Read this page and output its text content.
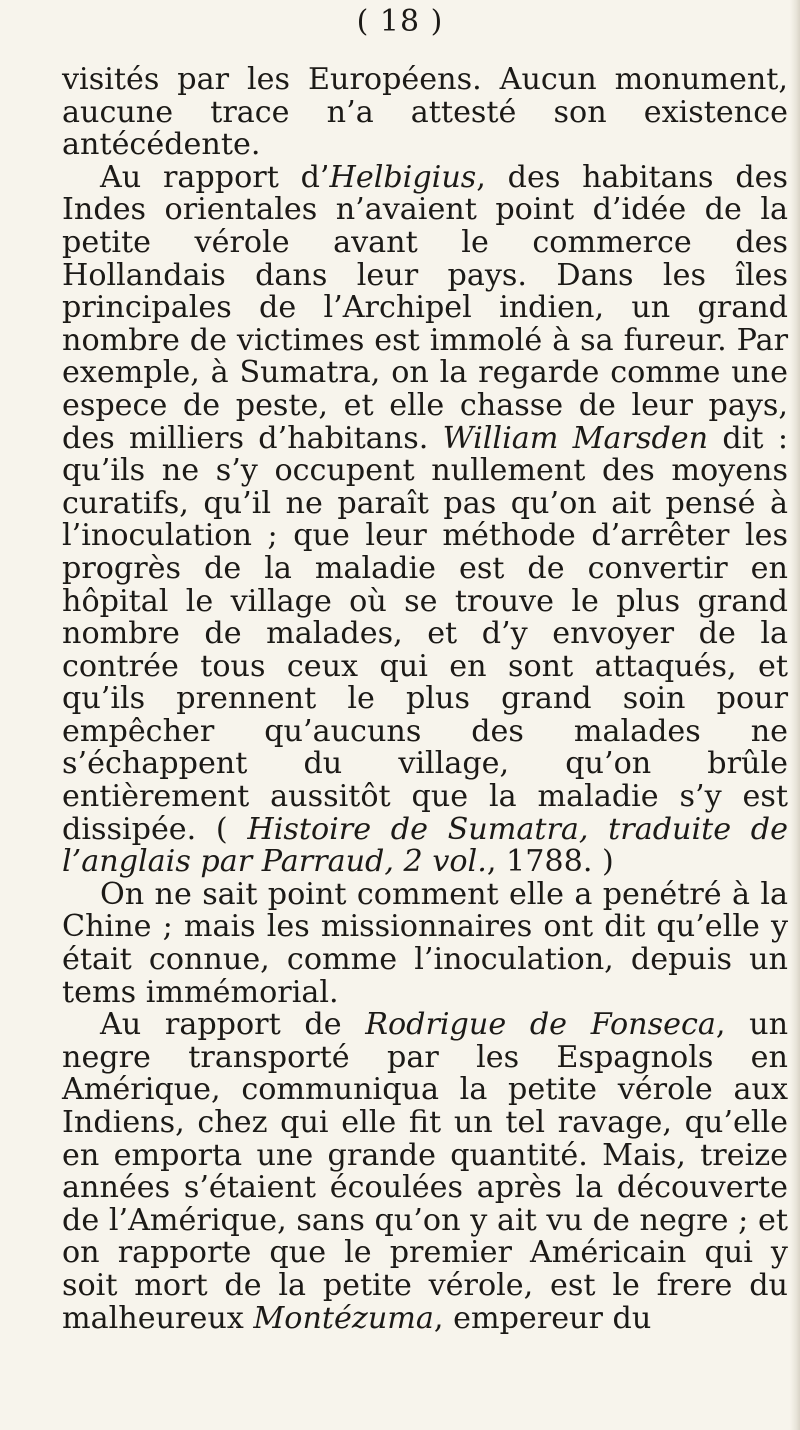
( 18 )

visités par les Européens. Aucun monument, aucune trace n’a attesté son existence antécédente.

Au rapport d’Helbigius, des habitans des Indes orientales n’avaient point d’idée de la petite vérole avant le commerce des Hollandais dans leur pays. Dans les îles principales de l’Archipel indien, un grand nombre de victimes est immolé à sa fureur. Par exemple, à Sumatra, on la regarde comme une espece de peste, et elle chasse de leur pays, des milliers d’habitans. William Marsden dit : qu’ils ne s’y occupent nullement des moyens curatifs, qu’il ne paraît pas qu’on ait pensé à l’inoculation ; que leur méthode d’arrêter les progrès de la maladie est de convertir en hôpital le village où se trouve le plus grand nombre de malades, et d’y envoyer de la contrée tous ceux qui en sont attaqués, et qu’ils prennent le plus grand soin pour empêcher qu’aucuns des malades ne s’échappent du village, qu’on brûle entièrement aussitôt que la maladie s’y est dissipée. ( Histoire de Sumatra, traduite de l’anglais par Parraud, 2 vol., 1788. )

On ne sait point comment elle a penétré à la Chine ; mais les missionnaires ont dit qu’elle y était connue, comme l’inoculation, depuis un tems immémorial.

Au rapport de Rodrigue de Fonseca, un negre transporté par les Espagnols en Amérique, communiqua la petite vérole aux Indiens, chez qui elle fit un tel ravage, qu’elle en emporta une grande quantité. Mais, treize années s’étaient écoulées après la découverte de l’Amérique, sans qu’on y ait vu de negre ; et on rapporte que le premier Américain qui y soit mort de la petite vérole, est le frere du malheureux Montézuma, empereur du
